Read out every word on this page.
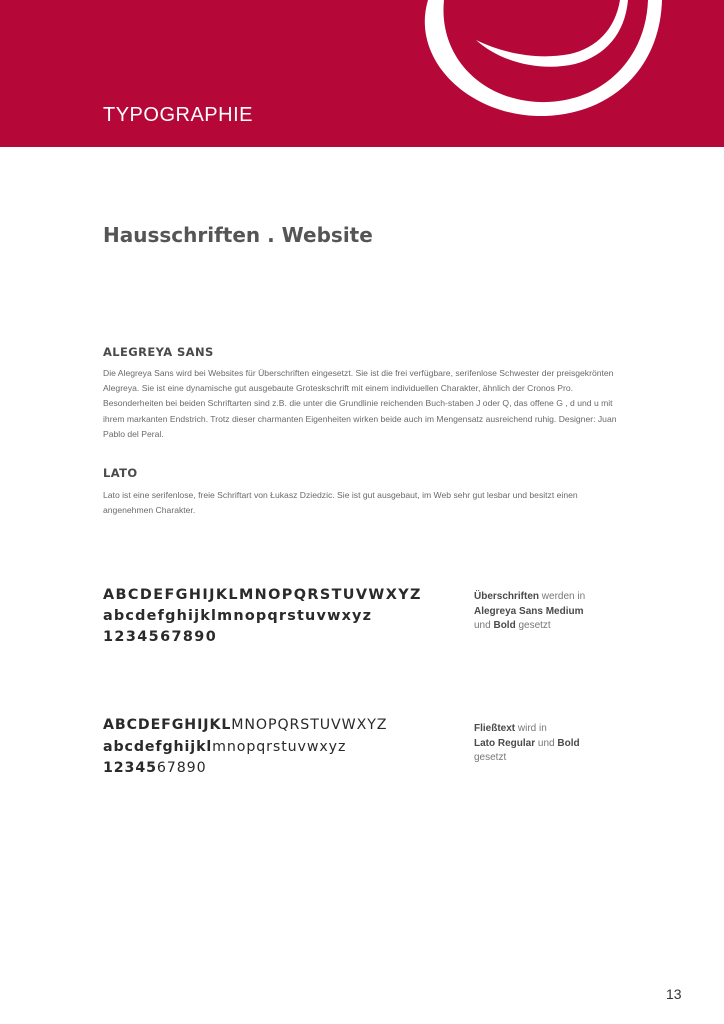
TYPOGRAPHIE
Hausschriften . Website
ALEGREYA SANS

Die Alegreya Sans wird bei Websites für Überschriften eingesetzt. Sie ist die frei verfügbare, serifenlose Schwester der preisgekrönten Alegreya. Sie ist eine dynamische gut ausgebaute Groteskschrift mit einem individuellen Charakter, ähnlich der Cronos Pro. Besonderheiten bei beiden Schriftarten sind z.B. die unter die Grundlinie reichenden Buch-staben J oder Q, das offene G , d und u mit ihrem markanten Endstrich. Trotz dieser charmanten Eigenheiten wirken beide auch im Mengensatz ausreichend ruhig. Designer: Juan Pablo del Peral.

LATO

Lato ist eine serifenlose, freie Schriftart von Łukasz Dziedzic. Sie ist gut ausgebaut, im Web sehr gut lesbar und besitzt einen angenehmen Charakter.

ABCDEFGHIJKLMNOPQRSTUVWXYZ
abcdefghijklmnopqrstuvwxyz
1234567890

Überschriften werden in
Alegreya Sans Medium
und Bold gesetzt

ABCDEFGHIJKLMNOPQRSTUVWXYZ
abcdefghijklmnopqrstuvwxyz
1234567890

Fließtext wird in
Lato Regular und Bold
gesetzt

13
